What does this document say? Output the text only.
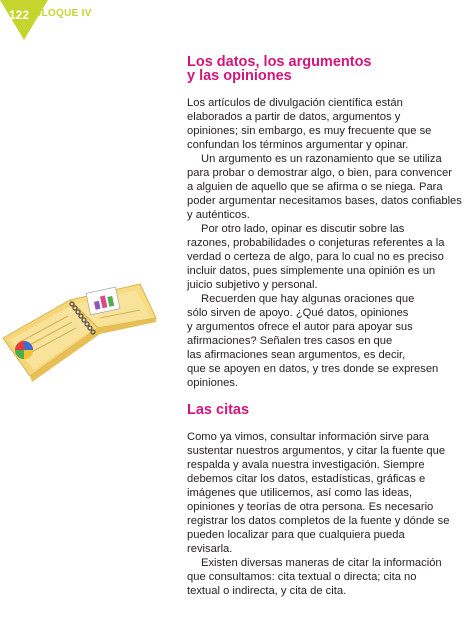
122 BLOQUE IV
Los datos, los argumentos
y las opiniones
Las citas

Los artículos de divulgación científica están

elaborados a partir de datos, argumentos y

opiniones; sin embargo, es muy frecuente que se

confundan los términos argumentar y opinar.

Un argumento es un razonamiento que se utiliza

para probar o demostrar algo, o bien, para convencer

a alguien de aquello que se afirma o se niega. Para

poder argumentar necesitamos bases, datos confiables

y auténticos.

Por otro lado, opinar es discutir sobre las

razones, probabilidades o conjeturas referentes a la

verdad o certeza de algo, para lo cual no es preciso

incluir datos, pues simplemente una opinión es un

juicio subjetivo y personal.

Recuerden que hay algunas oraciones que

sólo sirven de apoyo. ¿Qué datos, opiniones

y argumentos ofrece el autor para apoyar sus

afirmaciones? Señalen tres casos en que

las afirmaciones sean argumentos, es decir,

que se apoyen en datos, y tres donde se expresen

opiniones.

Como ya vimos, consultar información sirve para

sustentar nuestros argumentos, y citar la fuente que

respalda y avala nuestra investigación. Siempre

debemos citar los datos, estadísticas, gráficas e

imágenes que utilicemos, así como las ideas,

opiniones y teorías de otra persona. Es necesario

registrar los datos completos de la fuente y dónde se

pueden localizar para que cualquiera pueda

revisarla.

Existen diversas maneras de citar la información

que consultamos: cita textual o directa; cita no

textual o indirecta, y cita de cita.
